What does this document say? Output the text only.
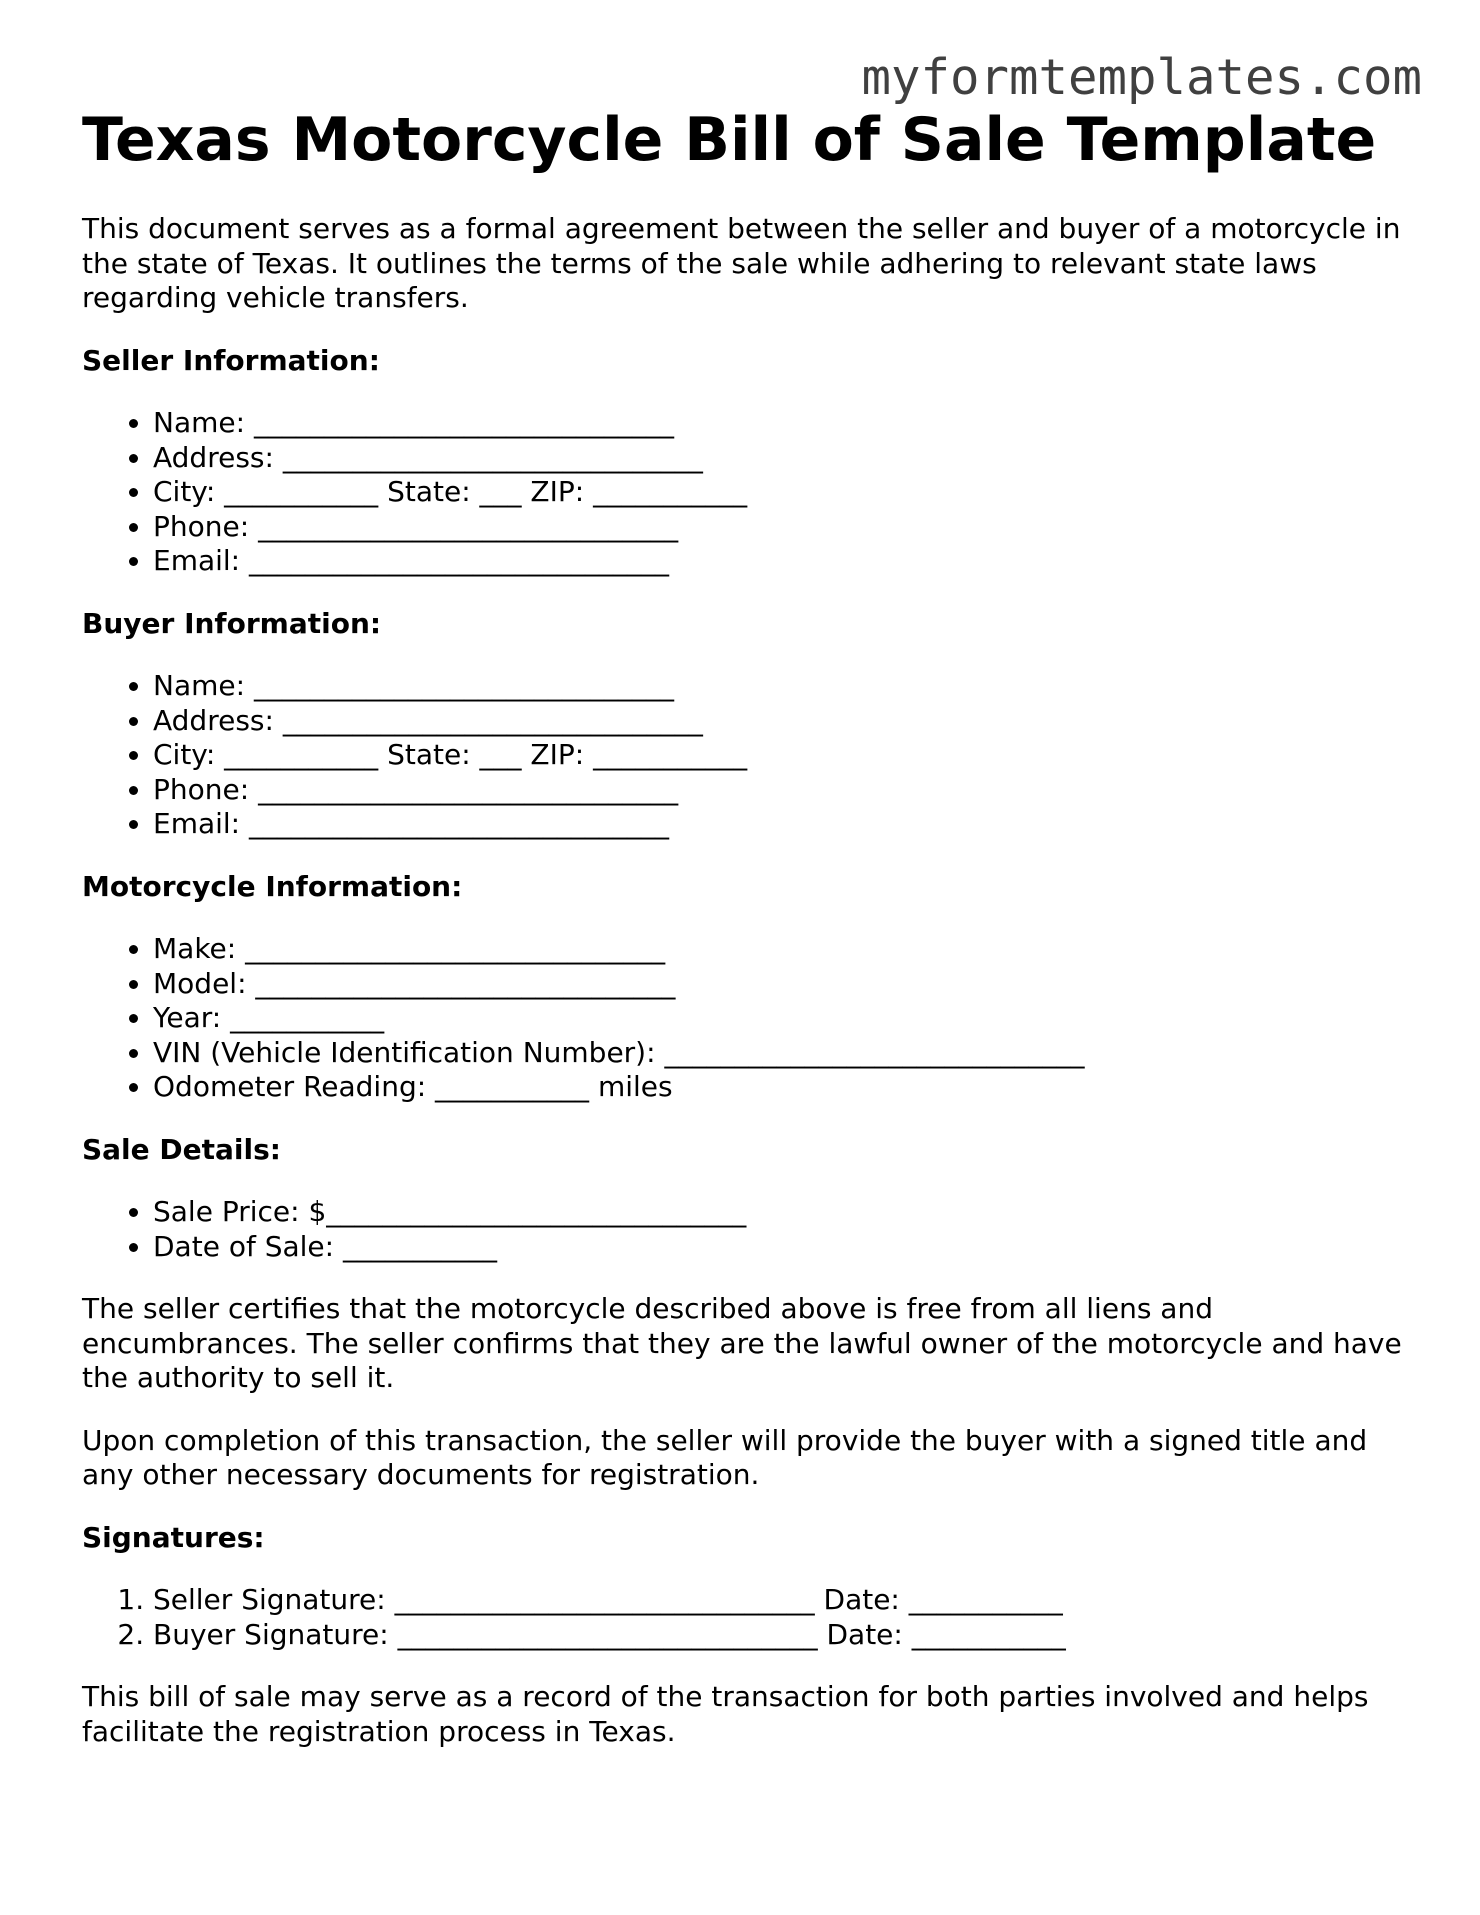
myformtemplates.com
Texas Motorcycle Bill of Sale Template

This document serves as a formal agreement between the seller and buyer of a motorcycle in the state of Texas. It outlines the terms of the sale while adhering to relevant state laws regarding vehicle transfers.

Seller Information:
• Name: ______________________________
• Address: ______________________________
• City: ___________ State: ___ ZIP: ___________
• Phone: ______________________________
• Email: ______________________________
Buyer Information:
• Name: ______________________________
• Address: ______________________________
• City: ___________ State: ___ ZIP: ___________
• Phone: ______________________________
• Email: ______________________________
Motorcycle Information:
• Make: ______________________________
• Model: ______________________________
• Year: ___________
• VIN (Vehicle Identification Number): ______________________________
• Odometer Reading: ___________ miles
Sale Details:
• Sale Price: $______________________________
• Date of Sale: ___________

The seller certifies that the motorcycle described above is free from all liens and encumbrances. The seller confirms that they are the lawful owner of the motorcycle and have the authority to sell it.

Upon completion of this transaction, the seller will provide the buyer with a signed title and any other necessary documents for registration.

Signatures:
1. Seller Signature: ______________________________ Date: ___________
2. Buyer Signature: ______________________________ Date: ___________

This bill of sale may serve as a record of the transaction for both parties involved and helps facilitate the registration process in Texas.
